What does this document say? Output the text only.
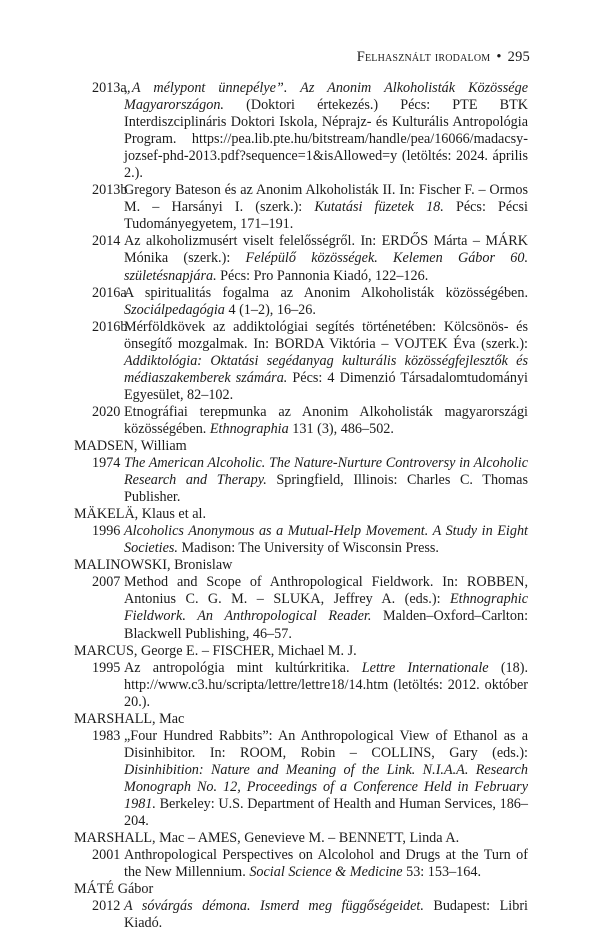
Felhasznált irodalom • 295
2013a
„A mélypont ünnepélye”. Az Anonim Alkoholisták Közössége Magyarországon. (Doktori értekezés.) Pécs: PTE BTK Interdiszciplináris Doktori Iskola, Néprajz- és Kulturális Antropológia Program. https://pea.lib.pte.hu/bitstream/handle/pea/16066/madacsy-jozsef-phd-2013.pdf?sequence=1&isAllowed=y (letöltés: 2024. április 2.).
2013b
Gregory Bateson és az Anonim Alkoholisták II. In: Fischer F. – Ormos M. – Harsányi I. (szerk.): Kutatási füzetek 18. Pécs: Pécsi Tudományegyetem, 171–191.
2014 Az alkoholizmusért viselt felelősségről. In: ERDŐS Márta – MÁRK Mónika (szerk.): Felépülő közösségek. Kelemen Gábor 60. születésnapjára. Pécs: Pro Pannonia Kiadó, 122–126.
2016a
A spiritualitás fogalma az Anonim Alkoholisták közösségében. Szociálpedagógia 4 (1–2), 16–26.
2016b
Mérföldkövek az addiktológiai segítés történetében: Kölcsönös- és önsegítő mozgalmak. In: BORDA Viktória – VOJTEK Éva (szerk.): Addiktológia: Oktatási segédanyag kulturális közösségfejlesztők és médiaszakemberek számára. Pécs: 4 Dimenzió Társadalomtudományi Egyesület, 82–102.
2020 Etnográfiai terepmunka az Anonim Alkoholisták magyarországi közösségében. Ethnographia 131 (3), 486–502.
MADSEN, William
1974 The American Alcoholic. The Nature-Nurture Controversy in Alcoholic Research and Therapy. Springfield, Illinois: Charles C. Thomas Publisher.
MÄKELÄ, Klaus et al.
1996 Alcoholics Anonymous as a Mutual-Help Movement. A Study in Eight Societies. Madison: The University of Wisconsin Press.
MALINOWSKI, Bronislaw
2007 Method and Scope of Anthropological Fieldwork. In: ROBBEN, Antonius C. G. M. – SLUKA, Jeffrey A. (eds.): Ethnographic Fieldwork. An Anthropological Reader. Malden–Oxford–Carlton: Blackwell Publishing, 46–57.
MARCUS, George E. – FISCHER, Michael M. J.
1995 Az antropológia mint kultúrkritika. Lettre Internationale (18). http://www.c3.hu/scripta/lettre/lettre18/14.htm (letöltés: 2012. október 20.).
MARSHALL, Mac
1983 „Four Hundred Rabbits”: An Anthropological View of Ethanol as a Disinhibitor. In: ROOM, Robin – COLLINS, Gary (eds.): Disinhibition: Nature and Meaning of the Link. N.I.A.A. Research Monograph No. 12, Proceedings of a Conference Held in February 1981. Berkeley: U.S. Department of Health and Human Services, 186–204.
MARSHALL, Mac – AMES, Genevieve M. – BENNETT, Linda A.
2001 Anthropological Perspectives on Alcolohol and Drugs at the Turn of the New Millennium. Social Science & Medicine 53: 153–164.
MÁTÉ Gábor
2012 A sóvárgás démona. Ismerd meg függőségeidet. Budapest: Libri Kiadó.
